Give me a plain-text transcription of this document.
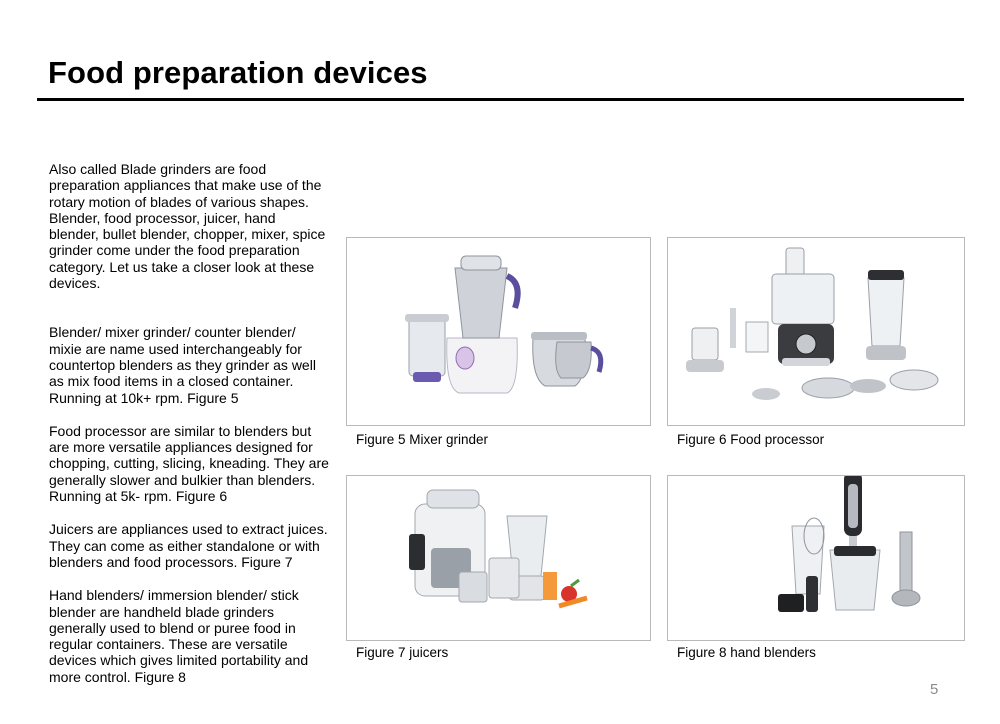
Food preparation devices

Also called Blade grinders are food preparation appliances that make use of the rotary motion of blades of various shapes. Blender, food processor, juicer, hand blender, bullet blender, chopper, mixer, spice grinder come under the food preparation category. Let us take a closer look at these devices.

Blender/ mixer grinder/ counter blender/ mixie are name used interchangeably for countertop blenders as they grinder as well as mix food items in a closed container. Running at 10k+ rpm. Figure 5

Food processor are similar to blenders but are more versatile appliances designed for chopping, cutting, slicing, kneading. They are generally slower and bulkier than blenders. Running at 5k- rpm. Figure 6

Juicers are appliances used to extract juices. They can come as either standalone or with blenders and food processors. Figure 7

Hand blenders/ immersion blender/ stick blender are handheld blade grinders generally used to blend or puree food in regular containers. These are versatile devices which gives limited portability and more control. Figure 8

Figure 5 Mixer grinder	Figure 6 Food processor
Figure 7 juicers	Figure 8 hand blenders
5
